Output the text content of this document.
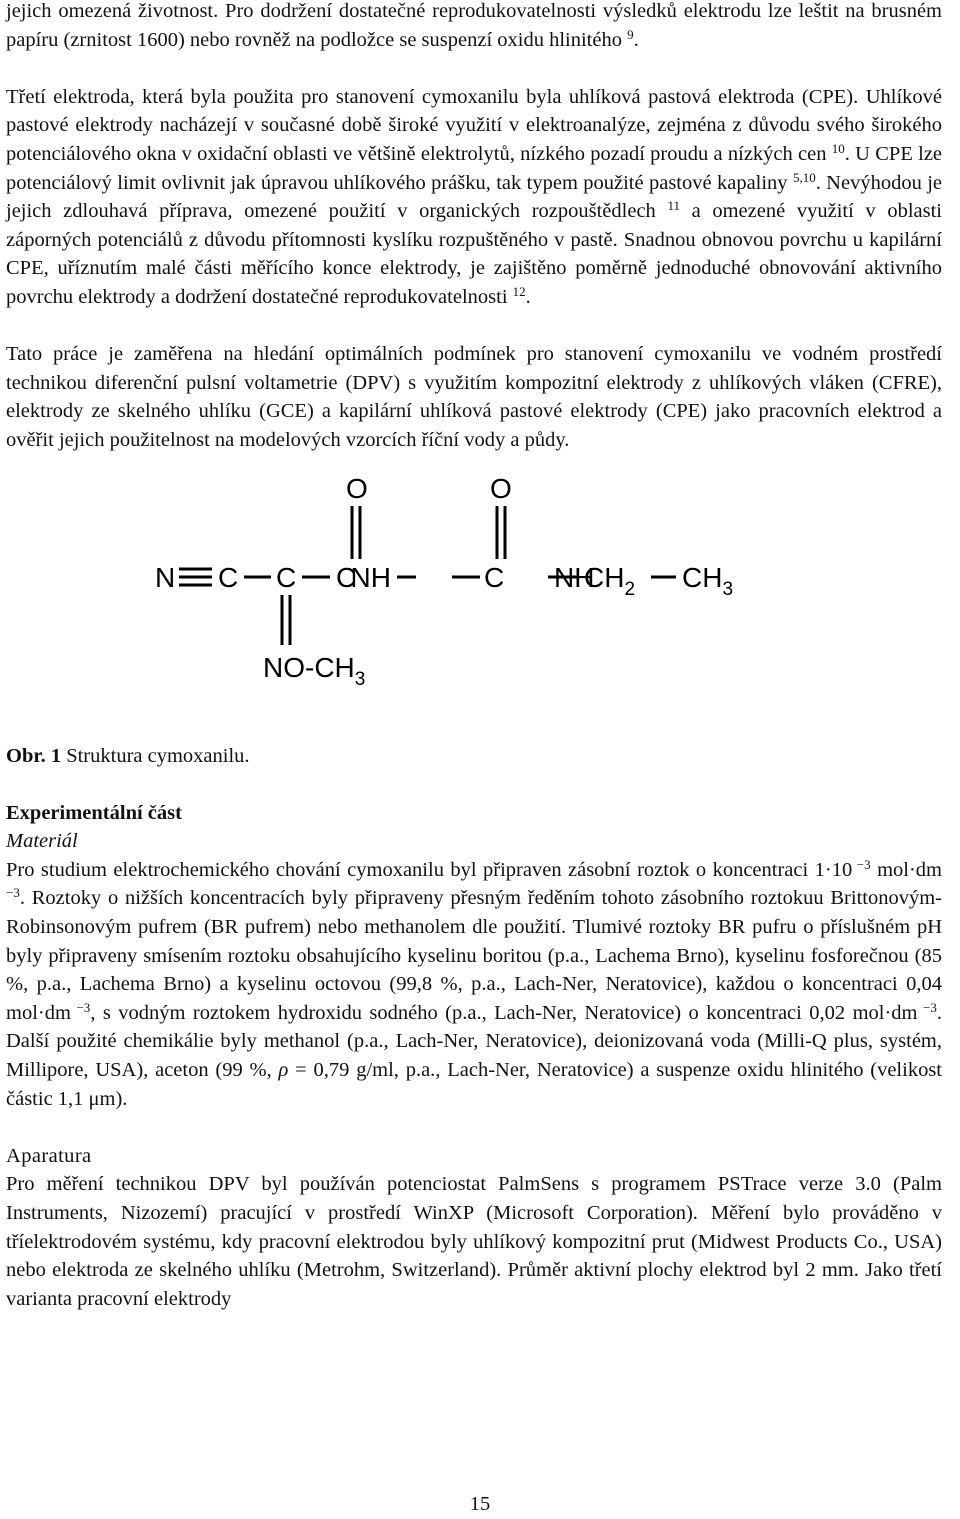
jejich omezená životnost. Pro dodržení dostatečné reprodukovatelnosti výsledků elektrodu lze leštit na brusném papíru (zrnitost 1600) nebo rovněž na podložce se suspenzí oxidu hlinitého $^9$.

Třetí elektroda, která byla použita pro stanovení cymoxanilu byla uhlíková pastová elektroda (CPE). Uhlíkové pastové elektrody nacházejí v současné době široké využití v elektroanalýze, zejména z důvodu svého širokého potenciálového okna v oxidační oblasti ve většině elektrolytů, nízkého pozadí proudu a nízkých cen $^{10}$. U CPE lze potenciálový limit ovlivnit jak úpravou uhlíkového prášku, tak typem použité pastové kapaliny $^{5,10}$. Nevýhodou je jejich zdlouhavá příprava, omezené použití v organických rozpouštědlech $^{11}$ a omezené využití v oblasti záporných potenciálů z důvodu přítomnosti kyslíku rozpuštěného v pastě. Snadnou obnovou povrchu u kapilární CPE, uříznutím malé části měřícího konce elektrody, je zajištěno poměrně jednoduché obnovování aktivního povrchu elektrody a dodržení dostatečné reprodukovatelnosti $^{12}$.

Tato práce je zaměřena na hledání optimálních podmínek pro stanovení cymoxanilu ve vodném prostředí technikou diferenční pulsní voltametrie (DPV) s využitím kompozitní elektrody z uhlíkových vláken (CFRE), elektrody ze skelného uhlíku (GCE) a kapilární uhlíková pastové elektrody (CPE) jako pracovních elektrod a ověřit jejich použitelnost na modelových vzorcích říční vody a půdy.

N C C C
O
NH	C
O
NH
$CH_2$ $CH_3$
$NO-CH_3$

Obr. 1 Struktura cymoxanilu.

Experimentální část

Materiál

Pro studium elektrochemického chování cymoxanilu byl připraven zásobní roztok o koncentraci 1·10 $^{-3}$ mol·dm $^{-3}$. Roztoky o nižších koncentracích byly připraveny přesným ředěním tohoto zásobního roztokuu Brittonovým-Robinsonovým pufrem (BR pufrem) nebo methanolem dle použití. Tlumivé roztoky BR pufru o příslušném pH byly připraveny smísením roztoku obsahujícího kyselinu boritou (p.a., Lachema Brno), kyselinu fosforečnou (85 %, p.a., Lachema Brno) a kyselinu octovou (99,8 %, p.a., Lach-Ner, Neratovice), každou o koncentraci 0,04 mol·dm $^{-3}$, s vodným roztokem hydroxidu sodného (p.a., Lach-Ner, Neratovice) o koncentraci 0,02 mol·dm $^{-3}$. Další použité chemikálie byly methanol (p.a., Lach-Ner, Neratovice), deionizovaná voda (Milli-Q plus, systém, Millipore, USA), aceton (99 %, ρ = 0,79 g/ml, p.a., Lach-Ner, Neratovice) a suspenze oxidu hlinitého (velikost částic 1,1 μm).

Aparatura

Pro měření technikou DPV byl používán potenciostat PalmSens s programem PSTrace verze 3.0 (Palm Instruments, Nizozemí) pracující v prostředí WinXP (Microsoft Corporation). Měření bylo prováděno v tříelektrodovém systému, kdy pracovní elektrodou byly uhlíkový kompozitní prut (Midwest Products Co., USA) nebo elektroda ze skelného uhlíku (Metrohm, Switzerland). Průměr aktivní plochy elektrod byl 2 mm. Jako třetí varianta pracovní elektrody

15
